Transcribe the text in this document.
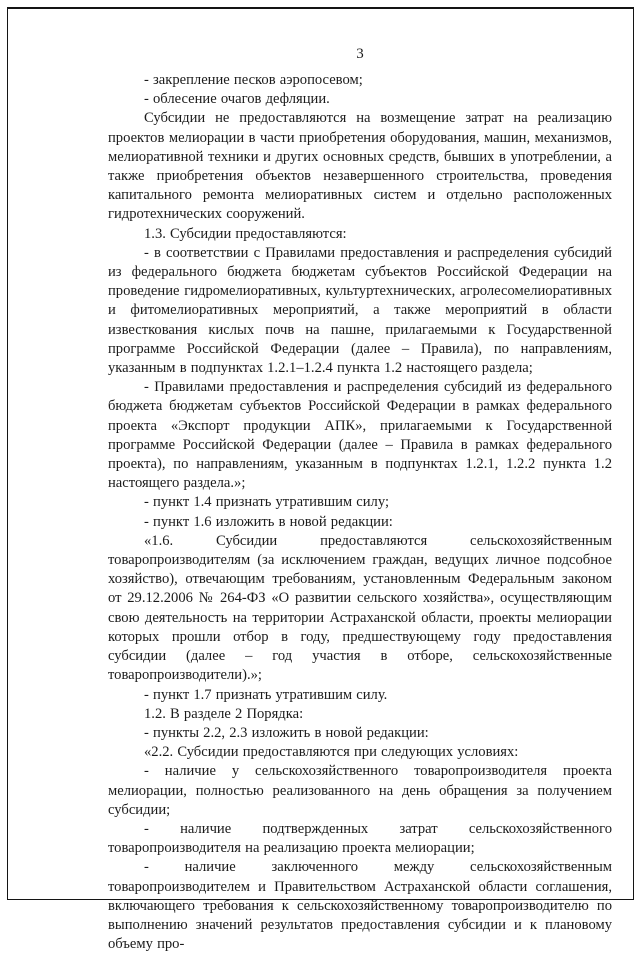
3

- закрепление песков аэропосевом;

- облесение очагов дефляции.

Субсидии не предоставляются на возмещение затрат на реализацию проектов мелиорации в части приобретения оборудования, машин, механизмов, мелиоративной техники и других основных средств, бывших в употреблении, а также приобретения объектов незавершенного строительства, проведения капитального ремонта мелиоративных систем и отдельно расположенных гидротехнических сооружений.

1.3. Субсидии предоставляются:

- в соответствии с Правилами предоставления и распределения субсидий из федерального бюджета бюджетам субъектов Российской Федерации на проведение гидромелиоративных, культуртехнических, агролесомелиоративных и фитомелиоративных мероприятий, а также мероприятий в области известкования кислых почв на пашне, прилагаемыми к Государственной программе Российской Федерации (далее – Правила), по направлениям, указанным в подпунктах 1.2.1–1.2.4 пункта 1.2 настоящего раздела;

- Правилами предоставления и распределения субсидий из федерального бюджета бюджетам субъектов Российской Федерации в рамках федерального проекта «Экспорт продукции АПК», прилагаемыми к Государственной программе Российской Федерации (далее – Правила в рамках федерального проекта), по направлениям, указанным в подпунктах 1.2.1, 1.2.2 пункта 1.2 настоящего раздела.»;

- пункт 1.4 признать утратившим силу;

- пункт 1.6 изложить в новой редакции:

«1.6. Субсидии предоставляются сельскохозяйственным товаропроизводителям (за исключением граждан, ведущих личное подсобное хозяйство), отвечающим требованиям, установленным Федеральным законом от 29.12.2006 № 264-ФЗ «О развитии сельского хозяйства», осуществляющим свою деятельность на территории Астраханской области, проекты мелиорации которых прошли отбор в году, предшествующему году предоставления субсидии (далее – год участия в отборе, сельскохозяйственные товаропроизводители).»;

- пункт 1.7 признать утратившим силу.

1.2. В разделе 2 Порядка:

- пункты 2.2, 2.3 изложить в новой редакции:

«2.2. Субсидии предоставляются при следующих условиях:

- наличие у сельскохозяйственного товаропроизводителя проекта мелиорации, полностью реализованного на день обращения за получением субсидии;

- наличие подтвержденных затрат сельскохозяйственного товаропроизводителя на реализацию проекта мелиорации;

- наличие заключенного между сельскохозяйственным товаропроизводителем и Правительством Астраханской области соглашения, включающего требования к сельскохозяйственному товаропроизводителю по выполнению значений результатов предоставления субсидии и к плановому объему про-
